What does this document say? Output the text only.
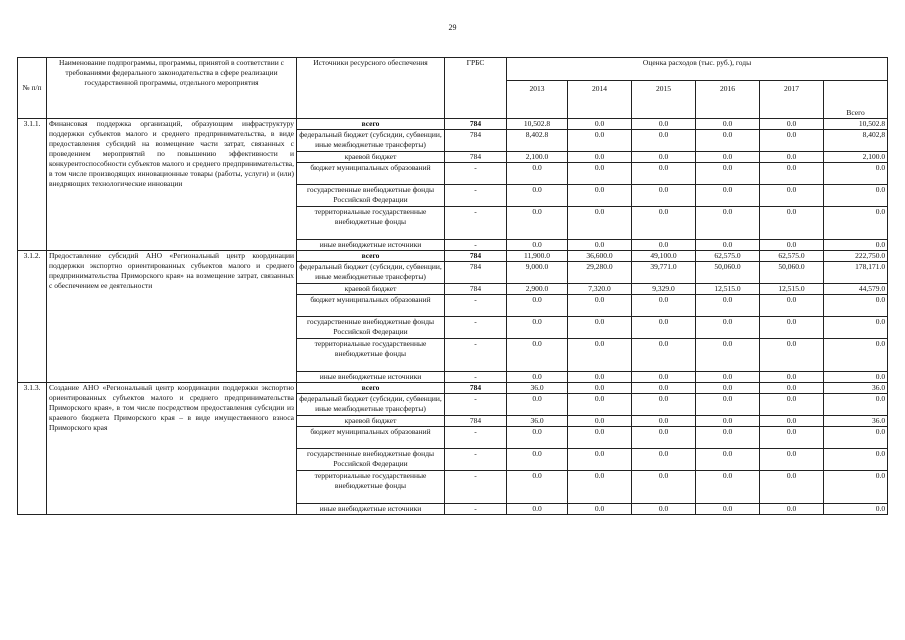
29
№ п/п	Наименование подпрограммы, программы, принятой в соответствии с требованиями федерального законодательства в сфере реализации государственной программы, отдельного мероприятия	Источники ресурсного обеспечения	ГРБС	Оценка расходов (тыс. руб.), годы					
				2013	2014	2015	2016	2017	Всего
3.1.1.	Финансовая поддержка организаций, образующим инфраструктуру поддержки субъектов малого и среднего предпринимательства, в виде предоставления субсидий на возмещение части затрат, связанных с проведением мероприятий по повышению эффективности и конкурентоспособности субъектов малого и среднего предпринимательства, в том числе производящих инновационные товары (работы, услуги) и (или) внедряющих технологические инновации	всего	784	10,502.8	0.0	0.0	0.0	0.0	10,502.8
		федеральный бюджет (субсидии, субвенции, иные межбюджетные трансферты)	784	8,402.8	0.0	0.0	0.0	0.0	8,402,8
		краевой бюджет	784	2,100.0	0.0	0.0	0.0	0.0	2,100.0
		бюджет муниципальных образований	-	0.0	0.0	0.0	0.0	0.0	0.0
		государственные внебюджетные фонды Российской Федерации	-	0.0	0.0	0.0	0.0	0.0	0.0
		территориальные государственные внебюджетные фонды	-	0.0	0.0	0.0	0.0	0.0	0.0
		иные внебюджетные источники	-	0.0	0.0	0.0	0.0	0.0	0.0
3.1.2.	Предоставление субсидий АНО «Региональный центр координации поддержки экспортно ориентированных субъектов малого и среднего предпринимательства Приморского края» на возмещение затрат, связанных с обеспечением ее деятельности	всего	784	11,900.0	36,600.0	49,100.0	62,575.0	62,575.0	222,750.0
		федеральный бюджет (субсидии, субвенции, иные межбюджетные трансферты)	784	9,000.0	29,280.0	39,771.0	50,060.0	50,060.0	178,171.0
		краевой бюджет	784	2,900.0	7,320.0	9,329.0	12,515.0	12,515.0	44,579.0
		бюджет муниципальных образований	-	0.0	0.0	0.0	0.0	0.0	0.0
		государственные внебюджетные фонды Российской Федерации	-	0.0	0.0	0.0	0.0	0.0	0.0
		территориальные государственные внебюджетные фонды	-	0.0	0.0	0.0	0.0	0.0	0.0
		иные внебюджетные источники	-	0.0	0.0	0.0	0.0	0.0	0.0
3.1.3.	Создание АНО «Региональный центр координации поддержки экспортно ориентированных субъектов малого и среднего предпринимательства Приморского края», в том числе посредством предоставления субсидии из краевого бюджета Приморского края – в виде имущественного взноса Приморского края	всего	784	36.0	0.0	0.0	0.0	0.0	36.0
		федеральный бюджет (субсидии, субвенции, иные межбюджетные трансферты)	-	0.0	0.0	0.0	0.0	0.0	0.0
		краевой бюджет	784	36.0	0.0	0.0	0.0	0.0	36.0
		бюджет муниципальных образований	-	0.0	0.0	0.0	0.0	0.0	0.0
		государственные внебюджетные фонды Российской Федерации	-	0.0	0.0	0.0	0.0	0.0	0.0
		территориальные государственные внебюджетные фонды	-	0.0	0.0	0.0	0.0	0.0	0.0
		иные внебюджетные источники	-	0.0	0.0	0.0	0.0	0.0	0.0
